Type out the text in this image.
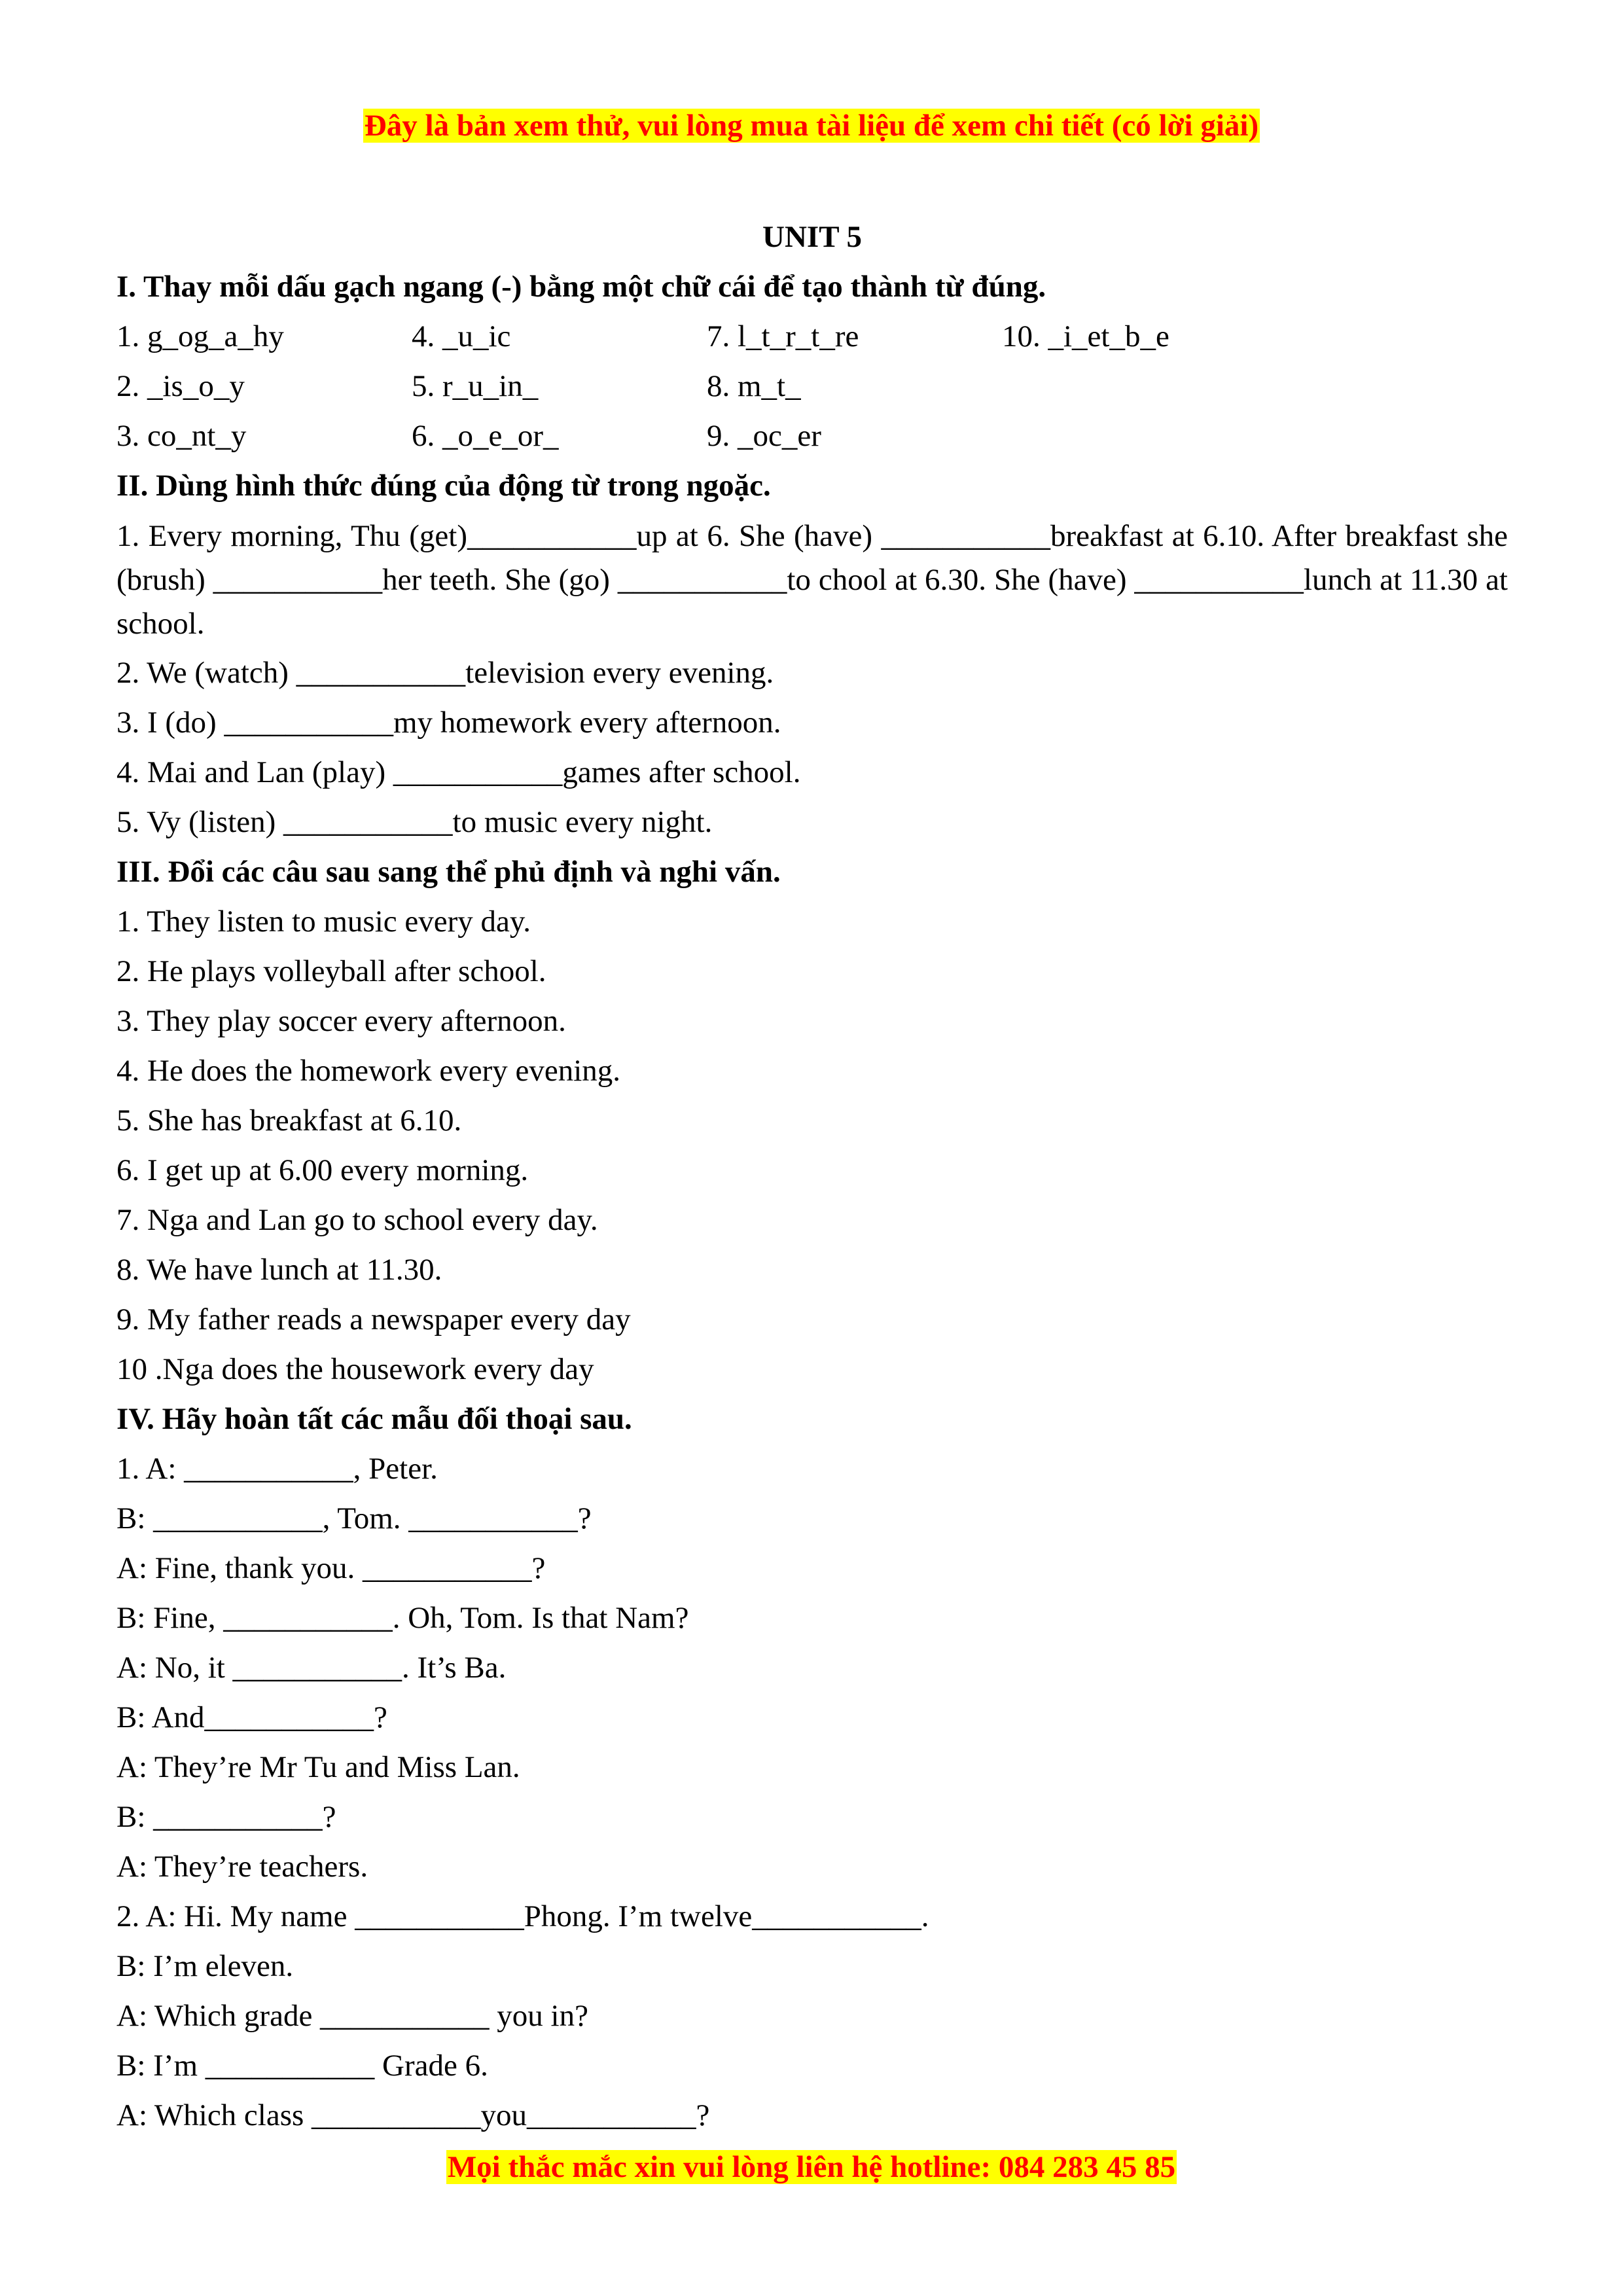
Đây là bản xem thử, vui lòng mua tài liệu để xem chi tiết (có lời giải)
UNIT 5
I. Thay mỗi dấu gạch ngang (-) bằng một chữ cái để tạo thành từ đúng.
1. g_og_a_hy	4. _u_ic	7. l_t_r_t_re	10. _i_et_b_e
2. _is_o_y	5. r_u_in_	8. m_t_
3. co_nt_y	6. _o_e_or_	9. _oc_er
II. Dùng hình thức đúng của động từ trong ngoặc.
1. Every morning, Thu (get)___________up at 6. She (have) ___________breakfast at 6.10. After breakfast she (brush) ___________her teeth. She (go) ___________to chool at 6.30. She (have) ___________lunch at 11.30 at school.
2. We (watch) ___________television every evening.
3. I (do) ___________my homework every afternoon.
4. Mai and Lan (play) ___________games after school.
5. Vy (listen) ___________to music every night.
III. Đổi các câu sau sang thể phủ định và nghi vấn.
1. They listen to music every day.
2. He plays volleyball after school.
3. They play soccer every afternoon.
4. He does the homework every evening.
5. She has breakfast at 6.10.
6. I get up at 6.00 every morning.
7. Nga and Lan go to school every day.
8. We have lunch at 11.30.
9. My father reads a newspaper every day
10 .Nga does the housework every day
IV. Hãy hoàn tất các mẫu đối thoại sau.
1. A: ___________, Peter.
B: ___________, Tom. ___________?
A: Fine, thank you. ___________?
B: Fine, ___________. Oh, Tom. Is that Nam?
A: No, it ___________. It’s Ba.
B: And___________?
A: They’re Mr Tu and Miss Lan.
B: ___________?
A: They’re teachers.
2. A: Hi. My name ___________Phong. I’m twelve___________.
B: I’m eleven.
A: Which grade ___________ you in?
B: I’m ___________ Grade 6.
A: Which class ___________you___________?
Mọi thắc mắc xin vui lòng liên hệ hotline: 084 283 45 85
